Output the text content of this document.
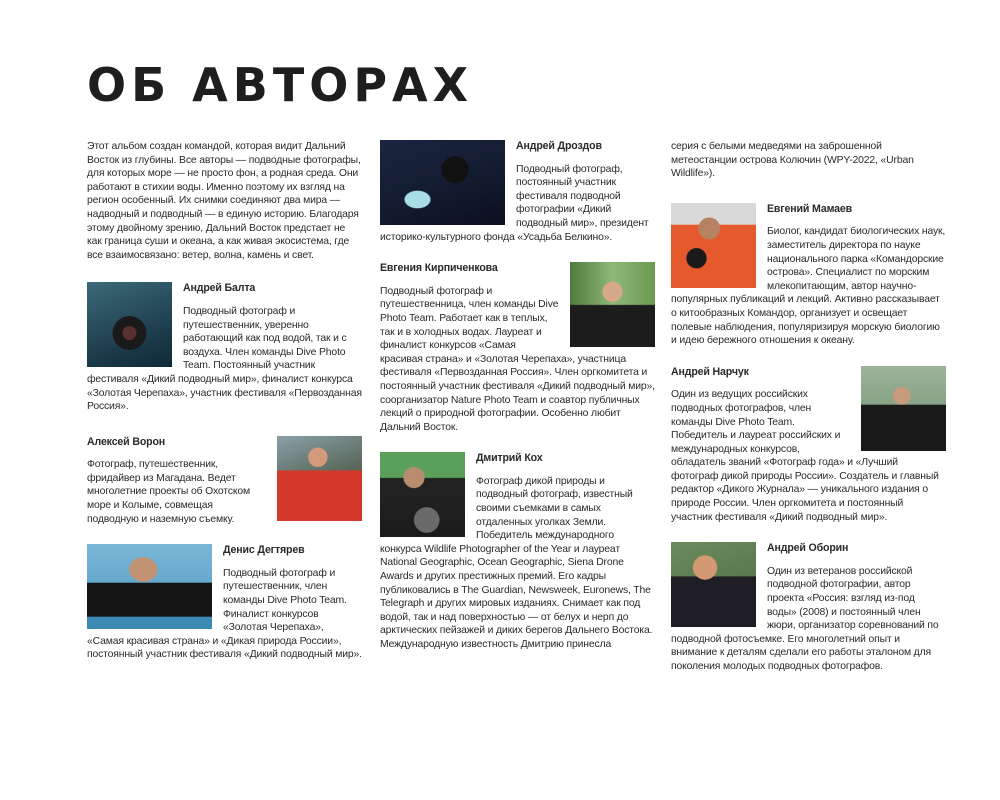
ОБ АВТОРАХ

Этот альбом создан командой, которая видит Дальний Восток из глубины. Все авторы — подводные фотографы, для которых море — не просто фон, а родная среда. Они работают в стихии воды. Именно поэтому их взгляд на регион особенный. Их снимки соединяют два мира — надводный и подводный — в единую историю. Благодаря этому двойному зрению, Дальний Восток предстает не как граница суши и океана, а как живая экосистема, где все взаимосвязано: ветер, волна, камень и свет.

Андрей Балта

Подводный фотограф и путешественник, уверенно работающий как под водой, так и с воздуха. Член команды Dive Photo Team. Постоянный участник фестиваля «Дикий подводный мир», финалист конкурса «Золотая Черепаха», участник фестиваля «Первозданная Россия».

Алексей Ворон

Фотограф, путешественник, фридайвер из Магадана. Ведет многолетние проекты об Охотском море и Колыме, совмещая подводную и наземную съемку.

Денис Дегтярев

Подводный фотограф и путешественник, член команды Dive Photo Team. Финалист конкурсов «Золотая Черепаха», «Самая красивая страна» и «Дикая природа России», постоянный участник фестиваля «Дикий подводный мир».

Андрей Дроздов

Подводный фотограф, постоянный участник фестиваля подводной фотографии «Дикий подводный мир», президент историко-культурного фонда «Усадьба Белкино».

Евгения Кирпиченкова

Подводный фотограф и путешественница, член команды Dive Photo Team. Работает как в теплых, так и в холодных водах. Лауреат и финалист конкурсов «Самая красивая страна» и «Золотая Черепаха», участница фестиваля «Первозданная Россия». Член оргкомитета и постоянный участник фестиваля «Дикий подводный мир», соорганизатор Nature Photo Team и соавтор публичных лекций о природной фотографии. Особенно любит Дальний Восток.

Дмитрий Кох

Фотограф дикой природы и подводный фотограф, известный своими съемками в самых отдаленных уголках Земли. Победитель международного конкурса Wildlife Photographer of the Year и лауреат National Geographic, Ocean Geographic, Siena Drone Awards и других престижных премий. Его кадры публиковались в The Guardian, Newsweek, Euronews, The Telegraph и других мировых изданиях. Снимает как под водой, так и над поверхностью — от белух и нерп до арктических пейзажей и диких берегов Дальнего Востока. Международную известность Дмитрию принесла

серия с белыми медведями на заброшенной метеостанции острова Колючин (WPY-2022, «Urban Wildlife»).

Евгений Мамаев

Биолог, кандидат биологических наук, заместитель директора по науке национального парка «Командорские острова». Специалист по морским млекопитающим, автор научно-популярных публикаций и лекций. Активно рассказывает о китообразных Командор, организует и освещает полевые наблюдения, популяризируя морскую биологию и идею бережного отношения к океану.

Андрей Нарчук

Один из ведущих российских подводных фотографов, член команды Dive Photo Team. Победитель и лауреат российских и международных конкурсов, обладатель званий «Фотограф года» и «Лучший фотограф дикой природы России». Создатель и главный редактор «Дикого Журнала» — уникального издания о природе России. Член оргкомитета и постоянный участник фестиваля «Дикий подводный мир».

Андрей Оборин

Один из ветеранов российской подводной фотографии, автор проекта «Россия: взгляд из-под воды» (2008) и постоянный член жюри, организатор соревнований по подводной фотосъемке. Его многолетний опыт и внимание к деталям сделали его работы эталоном для поколения молодых подводных фотографов.
